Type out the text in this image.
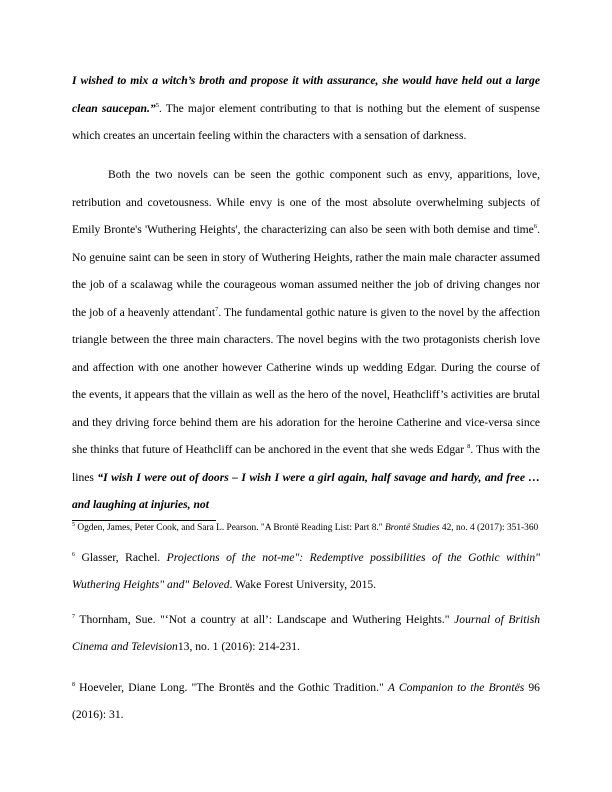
I wished to mix a witch’s broth and propose it with assurance, she would have held out a large clean saucepan.”$^5$. The major element contributing to that is nothing but the element of suspense which creates an uncertain feeling within the characters with a sensation of darkness.

Both the two novels can be seen the gothic component such as envy, apparitions, love, retribution and covetousness. While envy is one of the most absolute overwhelming subjects of Emily Bronte's 'Wuthering Heights', the characterizing can also be seen with both demise and time$^6$. No genuine saint can be seen in story of Wuthering Heights, rather the main male character assumed the job of a scalawag while the courageous woman assumed neither the job of driving changes nor the job of a heavenly attendant$^7$. The fundamental gothic nature is given to the novel by the affection triangle between the three main characters. The novel begins with the two protagonists cherish love and affection with one another however Catherine winds up wedding Edgar. During the course of the events, it appears that the villain as well as the hero of the novel, Heathcliff’s activities are brutal and they driving force behind them are his adoration for the heroine Catherine and vice-versa since she thinks that future of Heathcliff can be anchored in the event that she weds Edgar $^8$. Thus with the lines “I wish I were out of doors – I wish I were a girl again, half savage and hardy, and free … and laughing at injuries, not

$^5$ Ogden, James, Peter Cook, and Sara L. Pearson. "A Brontë Reading List: Part 8." Brontë Studies 42, no. 4 (2017): 351-360

$^6$ Glasser, Rachel. Projections of the not-me": Redemptive possibilities of the Gothic within" Wuthering Heights" and" Beloved. Wake Forest University, 2015.

$^7$ Thornham, Sue. "‘Not a country at all’: Landscape and Wuthering Heights." Journal of British Cinema and Television13, no. 1 (2016): 214-231.

$^8$ Hoeveler, Diane Long. "The Brontës and the Gothic Tradition." A Companion to the Brontës 96 (2016): 31.
